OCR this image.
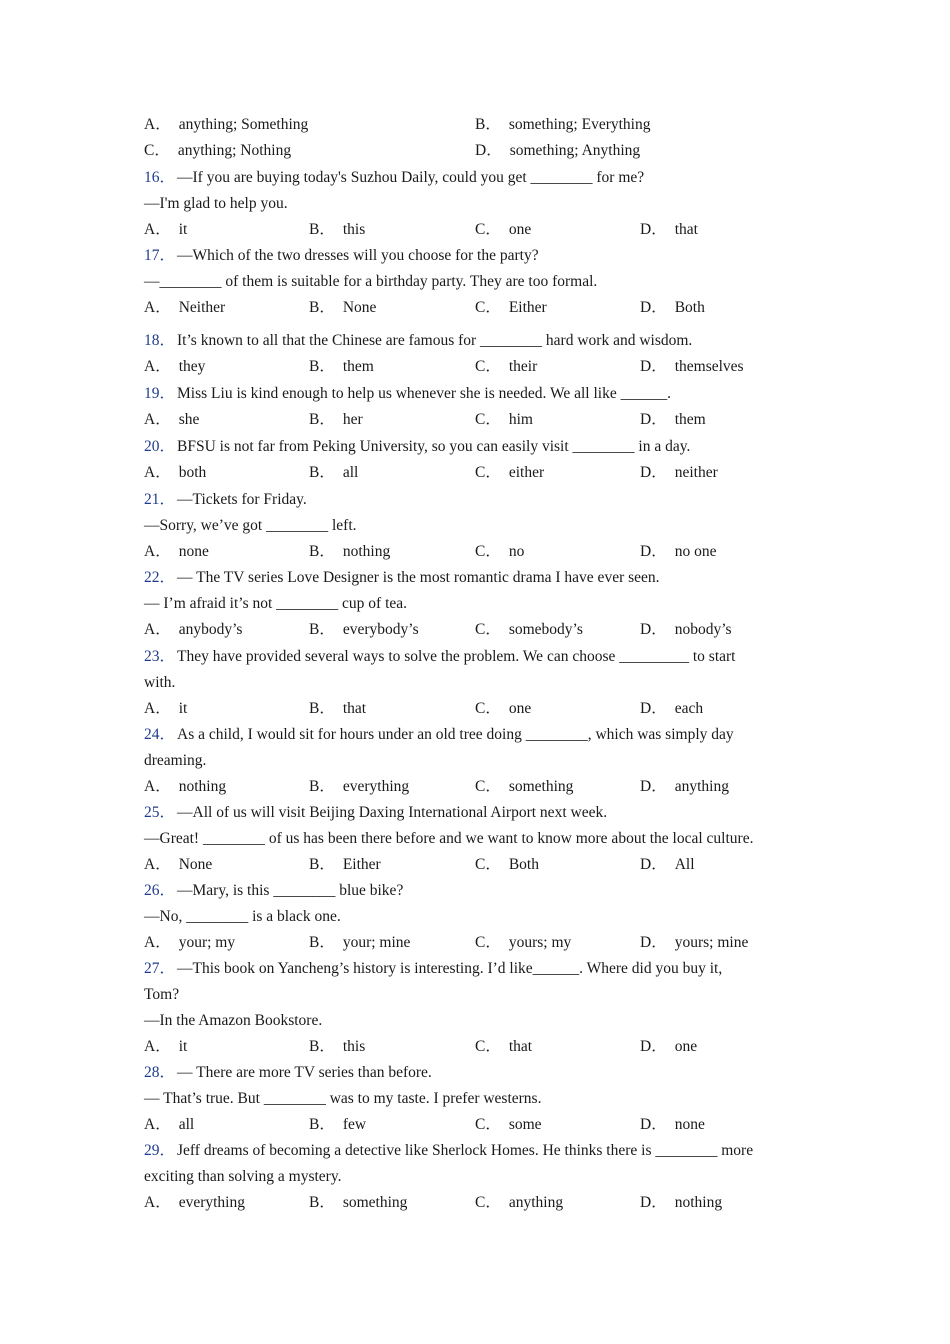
A． anything; Something	B． something; Everything
C． anything; Nothing	D． something; Anything
16． —If you are buying today's Suzhou Daily, could you get ________ for me?
—I'm glad to help you.
A． it	B． this	C． one	D． that
17． —Which of the two dresses will you choose for the party?
—________ of them is suitable for a birthday party. They are too formal.
A． Neither	B． None	C． Either	D． Both
18． It’s known to all that the Chinese are famous for ________ hard work and wisdom.
A． they	B． them	C． their	D． themselves
19． Miss Liu is kind enough to help us whenever she is needed. We all like ______.
A． she	B． her	C． him	D． them
20． BFSU is not far from Peking University, so you can easily visit ________ in a day.
A． both	B． all	C． either	D． neither
21． —Tickets for Friday.
—Sorry, we’ve got ________ left.
A． none	B． nothing	C． no	D． no one
22． — The TV series Love Designer is the most romantic drama I have ever seen.
— I’m afraid it’s not ________ cup of tea.
A． anybody’s	B． everybody’s	C． somebody’s	D． nobody’s
23． They have provided several ways to solve the problem. We can choose _________ to start
with.
A． it	B． that	C． one	D． each
24． As a child, I would sit for hours under an old tree doing ________, which was simply day
dreaming.
A． nothing	B． everything	C． something	D． anything
25． —All of us will visit Beijing Daxing International Airport next week.
—Great! ________ of us has been there before and we want to know more about the local culture.
A． None	B． Either	C． Both	D． All
26． —Mary, is this ________ blue bike?
—No, ________ is a black one.
A． your; my	B． your; mine	C． yours; my	D． yours; mine
27． —This book on Yancheng’s history is interesting. I’d like______. Where did you buy it,
Tom?
—In the Amazon Bookstore.
A． it	B． this	C． that	D． one
28． — There are more TV series than before.
— That’s true. But ________ was to my taste. I prefer westerns.
A． all	B． few	C． some	D． none
29． Jeff dreams of becoming a detective like Sherlock Homes. He thinks there is ________ more
exciting than solving a mystery.
A． everything	B． something	C． anything	D． nothing
